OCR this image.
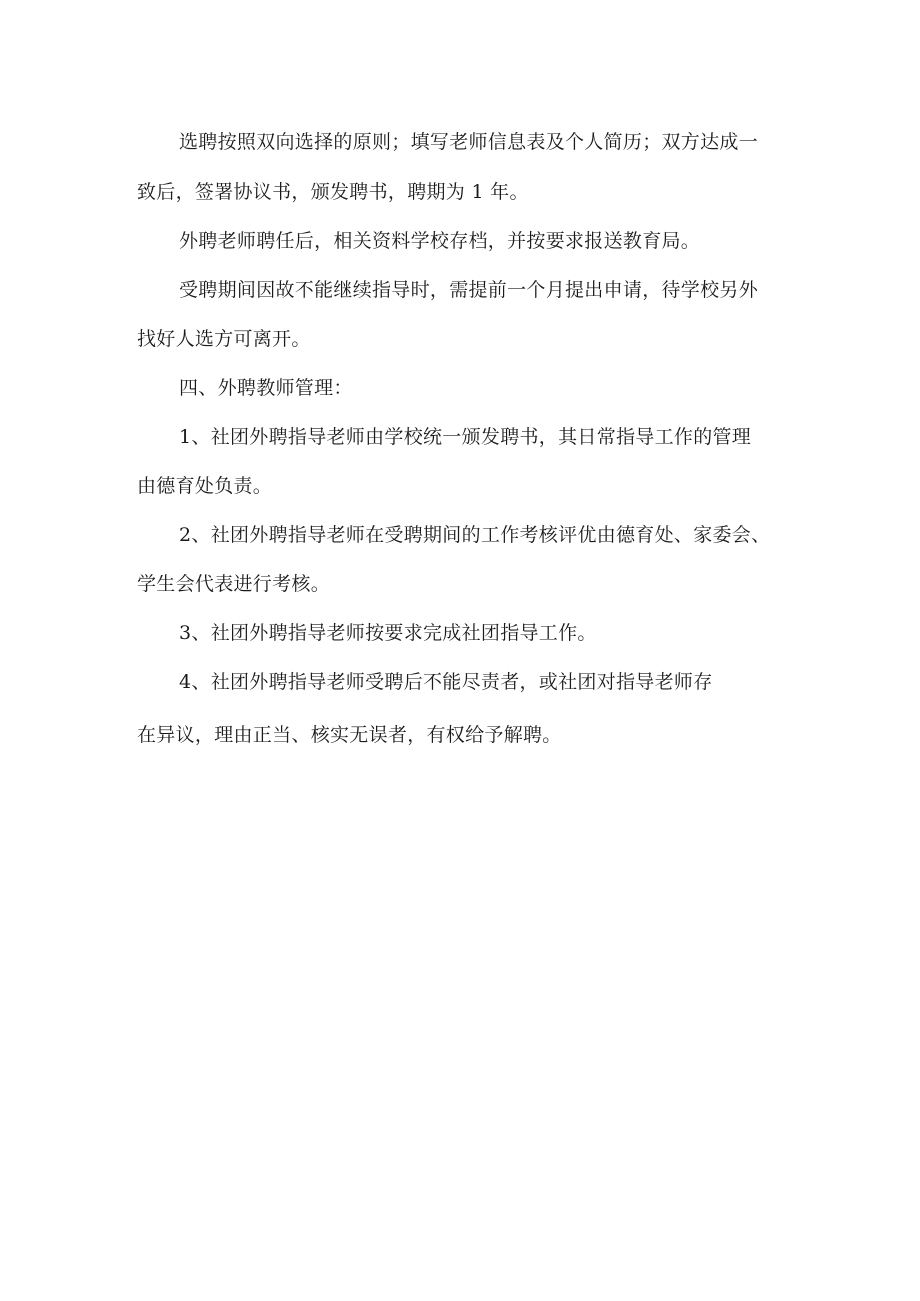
选聘按照双向选择的原则；填写老师信息表及个人简历；双方达成一
致后，签署协议书，颁发聘书，聘期为 1 年。
外聘老师聘任后，相关资料学校存档，并按要求报送教育局。
受聘期间因故不能继续指导时，需提前一个月提出申请，待学校另外
找好人选方可离开。
四、外聘教师管理：
1、社团外聘指导老师由学校统一颁发聘书，其日常指导工作的管理
由德育处负责。
2、社团外聘指导老师在受聘期间的工作考核评优由德育处、家委会、
学生会代表进行考核。
3、社团外聘指导老师按要求完成社团指导工作。
4、社团外聘指导老师受聘后不能尽责者，或社团对指导老师存
在异议，理由正当、核实无误者，有权给予解聘。
